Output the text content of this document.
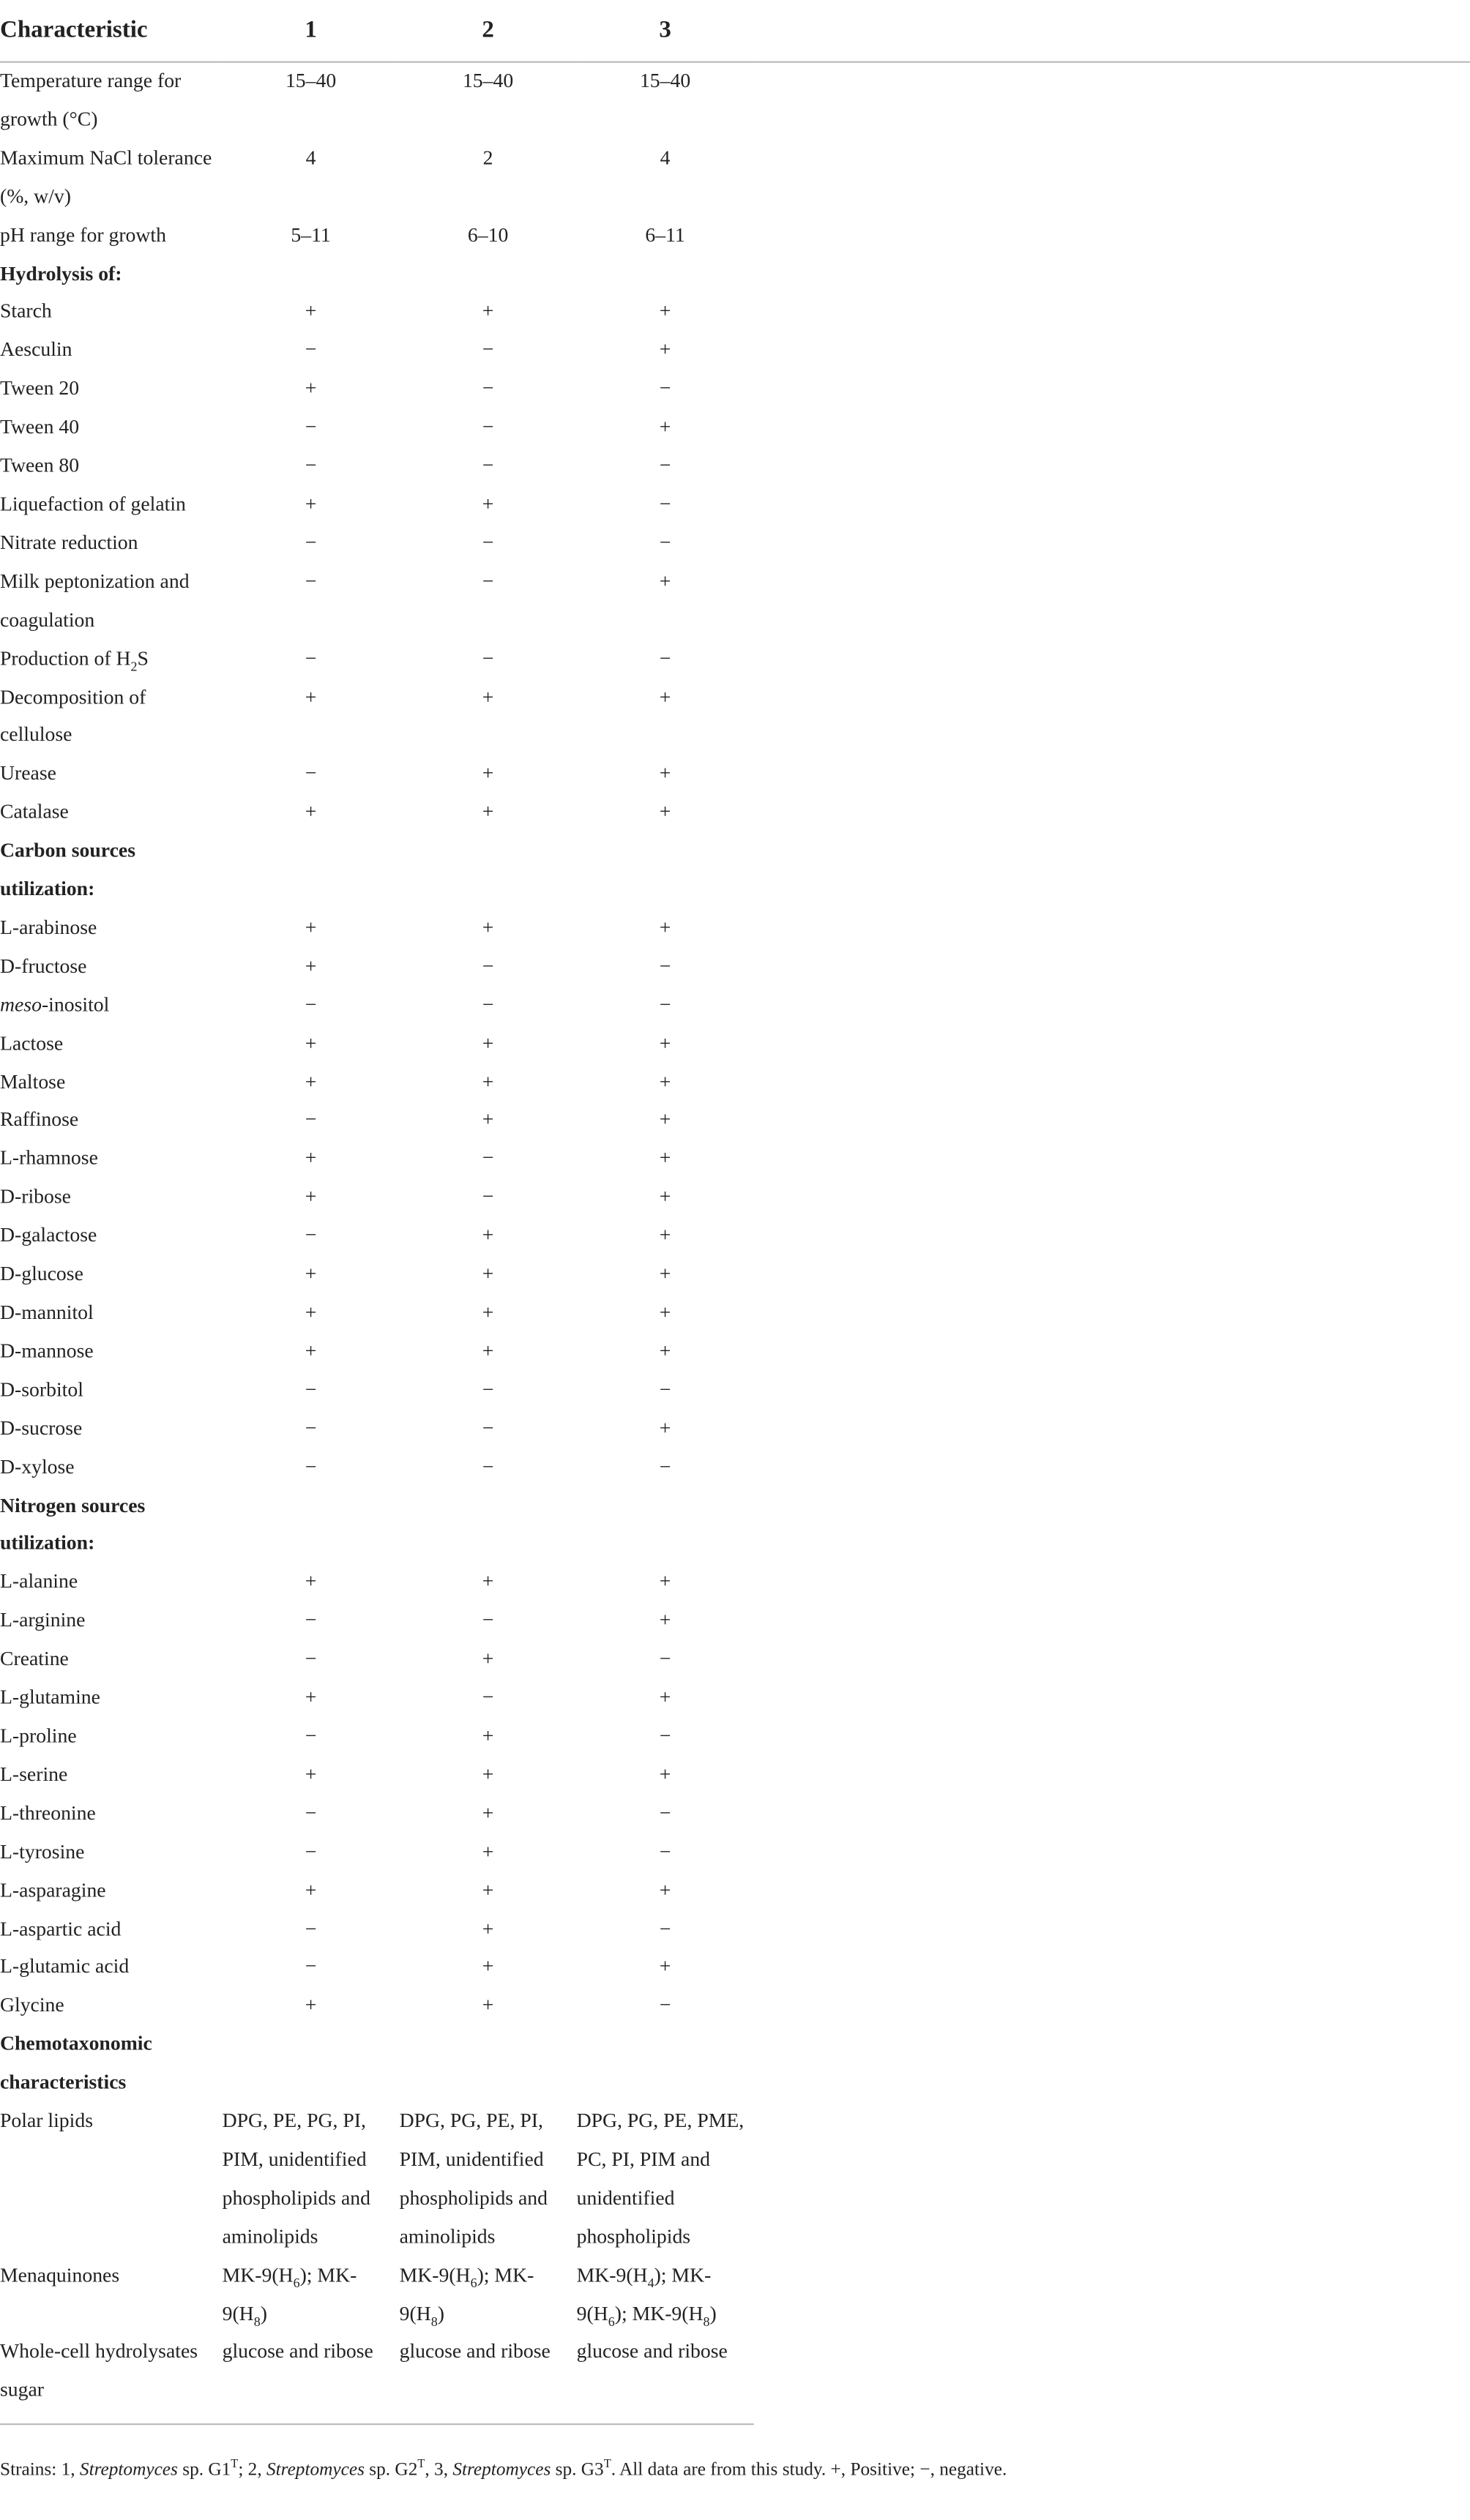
Characteristic	1	2	3	
Temperature range for growth (°C)	15–40	15–40	15–40	
Maximum NaCl tolerance (%, w/v)	4	2	4	
pH range for growth	5–11	6–10	6–11	
Hydrolysis of:				
Starch	+	+	+	
Aesculin	−	−	+	
Tween 20	+	−	−	
Tween 40	−	−	+	
Tween 80	−	−	−	
Liquefaction of gelatin	+	+	−	
Nitrate reduction	−	−	−	
Milk peptonization and coagulation	−	−	+	
Production of $H_2S$	−	−	−	
Decomposition of cellulose	+	+	+	
Urease	−	+	+	
Catalase	+	+	+	
Carbon sources utilization:				
L-arabinose	+	+	+	
D-fructose	+	−	−	
meso-inositol	−	−	−	
Lactose	+	+	+	
Maltose	+	+	+	
Raffinose	−	+	+	
L-rhamnose	+	−	+	
D-ribose	+	−	+	
D-galactose	−	+	+	
D-glucose	+	+	+	
D-mannitol	+	+	+	
D-mannose	+	+	+	
D-sorbitol	−	−	−	
D-sucrose	−	−	+	
D-xylose	−	−	−	
Nitrogen sources utilization:				
L-alanine	+	+	+	
L-arginine	−	−	+	
Creatine	−	+	−	
L-glutamine	+	−	+	
L-proline	−	+	−	
L-serine	+	+	+	
L-threonine	−	+	−	
L-tyrosine	−	+	−	
L-asparagine	+	+	+	
L-aspartic acid	−	+	−	
L-glutamic acid	−	+	+	
Glycine	+	+	−	
Chemotaxonomic characteristics				
Polar lipids	DPG, PE, PG, PI, PIM, unidentified phospholipids and aminolipids	DPG, PG, PE, PI, PIM, unidentified phospholipids and aminolipids	DPG, PG, PE, PME, PC, PI, PIM and unidentified phospholipids	
Menaquinones	$MK-9(H_6)$; $MK-9(H_8)$	$MK-9(H_6)$; $MK-9(H_8)$	$MK-9(H_4)$; $MK-9(H_6)$; $MK-9(H_8)$	
Whole-cell hydrolysates sugar	glucose and ribose	glucose and ribose	glucose and ribose	
Strains: 1, Streptomyces sp. $G1^T$; 2, Streptomyces sp. $G2^T$, 3, Streptomyces sp. $G3^T$. All data are from this study. +, Positive; −, negative.
